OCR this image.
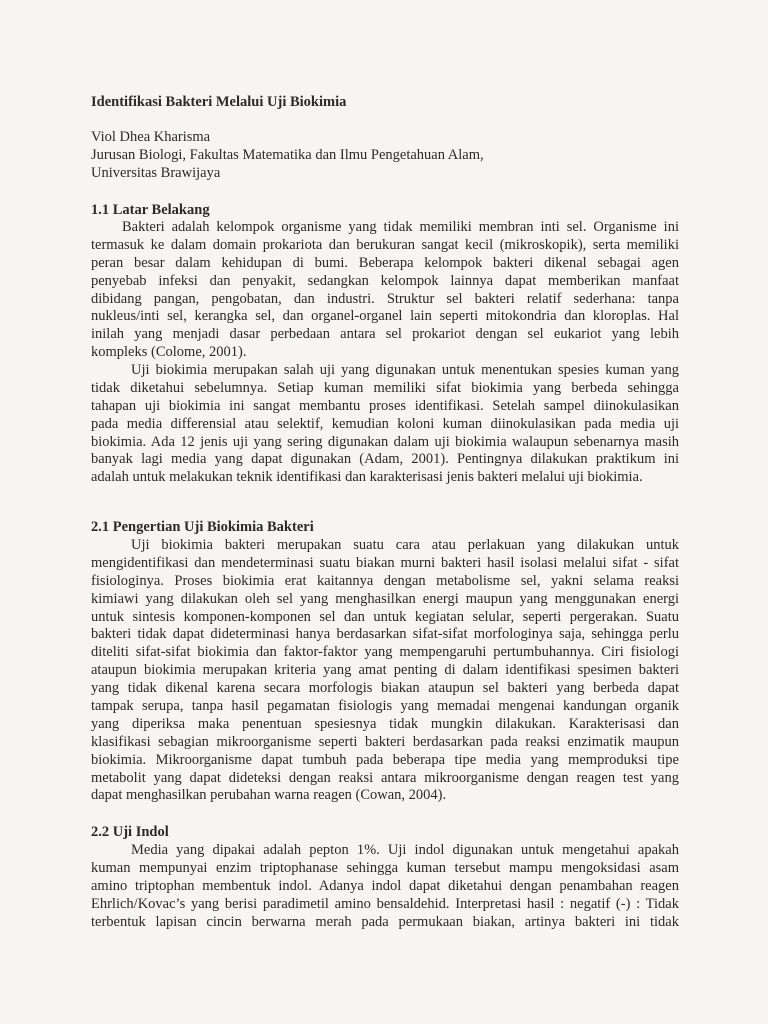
Identifikasi Bakteri Melalui Uji Biokimia
Viol Dhea Kharisma
Jurusan Biologi, Fakultas Matematika dan Ilmu Pengetahuan Alam,
Universitas Brawijaya
1.1 Latar Belakang
Bakteri adalah kelompok organisme yang tidak memiliki membran inti sel. Organisme ini
termasuk ke dalam domain prokariota dan berukuran sangat kecil (mikroskopik), serta memiliki
peran besar dalam kehidupan di bumi. Beberapa kelompok bakteri dikenal sebagai agen
penyebab infeksi dan penyakit, sedangkan kelompok lainnya dapat memberikan manfaat
dibidang pangan, pengobatan, dan industri. Struktur sel bakteri relatif sederhana: tanpa
nukleus/inti sel, kerangka sel, dan organel-organel lain seperti mitokondria dan kloroplas. Hal
inilah yang menjadi dasar perbedaan antara sel prokariot dengan sel eukariot yang lebih
kompleks (Colome, 2001).
Uji biokimia merupakan salah uji yang digunakan untuk menentukan spesies kuman yang
tidak diketahui sebelumnya. Setiap kuman memiliki sifat biokimia yang berbeda sehingga
tahapan uji biokimia ini sangat membantu proses identifikasi. Setelah sampel diinokulasikan
pada media differensial atau selektif, kemudian koloni kuman diinokulasikan pada media uji
biokimia. Ada 12 jenis uji yang sering digunakan dalam uji biokimia walaupun sebenarnya masih
banyak lagi media yang dapat digunakan (Adam, 2001). Pentingnya dilakukan praktikum ini
adalah untuk melakukan teknik identifikasi dan karakterisasi jenis bakteri melalui uji biokimia.
2.1 Pengertian Uji Biokimia Bakteri
Uji biokimia bakteri merupakan suatu cara atau perlakuan yang dilakukan untuk
mengidentifikasi dan mendeterminasi suatu biakan murni bakteri hasil isolasi melalui sifat - sifat
fisiologinya. Proses biokimia erat kaitannya dengan metabolisme sel, yakni selama reaksi
kimiawi yang dilakukan oleh sel yang menghasilkan energi maupun yang menggunakan energi
untuk sintesis komponen-komponen sel dan untuk kegiatan selular, seperti pergerakan. Suatu
bakteri tidak dapat dideterminasi hanya berdasarkan sifat-sifat morfologinya saja, sehingga perlu
diteliti sifat-sifat biokimia dan faktor-faktor yang mempengaruhi pertumbuhannya. Ciri fisiologi
ataupun biokimia merupakan kriteria yang amat penting di dalam identifikasi spesimen bakteri
yang tidak dikenal karena secara morfologis biakan ataupun sel bakteri yang berbeda dapat
tampak serupa, tanpa hasil pegamatan fisiologis yang memadai mengenai kandungan organik
yang diperiksa maka penentuan spesiesnya tidak mungkin dilakukan. Karakterisasi dan
klasifikasi sebagian mikroorganisme seperti bakteri berdasarkan pada reaksi enzimatik maupun
biokimia. Mikroorganisme dapat tumbuh pada beberapa tipe media yang memproduksi tipe
metabolit yang dapat dideteksi dengan reaksi antara mikroorganisme dengan reagen test yang
dapat menghasilkan perubahan warna reagen (Cowan, 2004).
2.2 Uji Indol
Media yang dipakai adalah pepton 1%. Uji indol digunakan untuk mengetahui apakah
kuman mempunyai enzim triptophanase sehingga kuman tersebut mampu mengoksidasi asam
amino triptophan membentuk indol. Adanya indol dapat diketahui dengan penambahan reagen
Ehrlich/Kovac’s yang berisi paradimetil amino bensaldehid. Interpretasi hasil : negatif (-) : Tidak
terbentuk lapisan cincin berwarna merah pada permukaan biakan, artinya bakteri ini tidak
